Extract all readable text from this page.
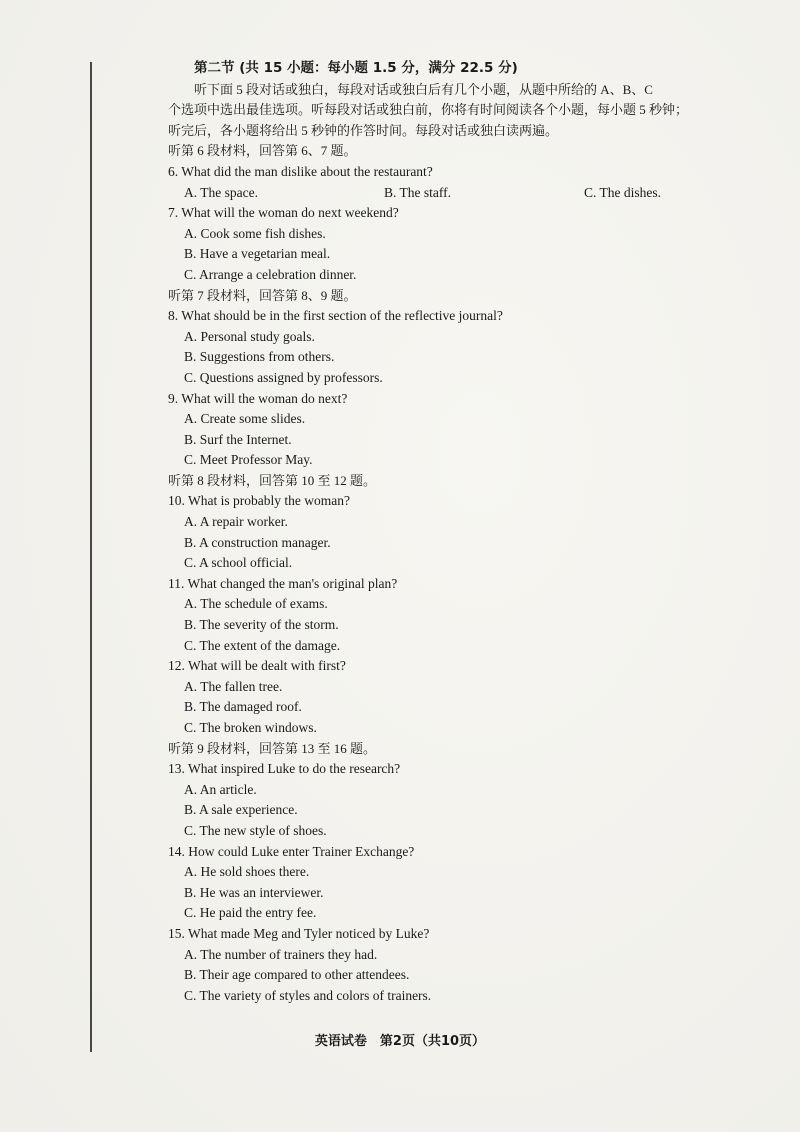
第二节 (共 15 小题：每小题 1.5 分，满分 22.5 分)
听下面 5 段对话或独白，每段对话或独白后有几个小题，从题中所给的 A、B、C
个选项中选出最佳选项。听每段对话或独白前，你将有时间阅读各个小题，每小题 5 秒钟；
听完后，各小题将给出 5 秒钟的作答时间。每段对话或独白读两遍。
听第 6 段材料，回答第 6、7 题。
6. What did the man dislike about the restaurant?
A. The space.	B. The staff.	C. The dishes.
7. What will the woman do next weekend?
A. Cook some fish dishes.
B. Have a vegetarian meal.
C. Arrange a celebration dinner.
听第 7 段材料，回答第 8、9 题。
8. What should be in the first section of the reflective journal?
A. Personal study goals.
B. Suggestions from others.
C. Questions assigned by professors.
9. What will the woman do next?
A. Create some slides.
B. Surf the Internet.
C. Meet Professor May.
听第 8 段材料，回答第 10 至 12 题。
10. What is probably the woman?
A. A repair worker.
B. A construction manager.
C. A school official.
11. What changed the man's original plan?
A. The schedule of exams.
B. The severity of the storm.
C. The extent of the damage.
12. What will be dealt with first?
A. The fallen tree.
B. The damaged roof.
C. The broken windows.
听第 9 段材料，回答第 13 至 16 题。
13. What inspired Luke to do the research?
A. An article.
B. A sale experience.
C. The new style of shoes.
14. How could Luke enter Trainer Exchange?
A. He sold shoes there.
B. He was an interviewer.
C. He paid the entry fee.
15. What made Meg and Tyler noticed by Luke?
A. The number of trainers they had.
B. Their age compared to other attendees.
C. The variety of styles and colors of trainers.
英语试卷　第2页（共10页）
